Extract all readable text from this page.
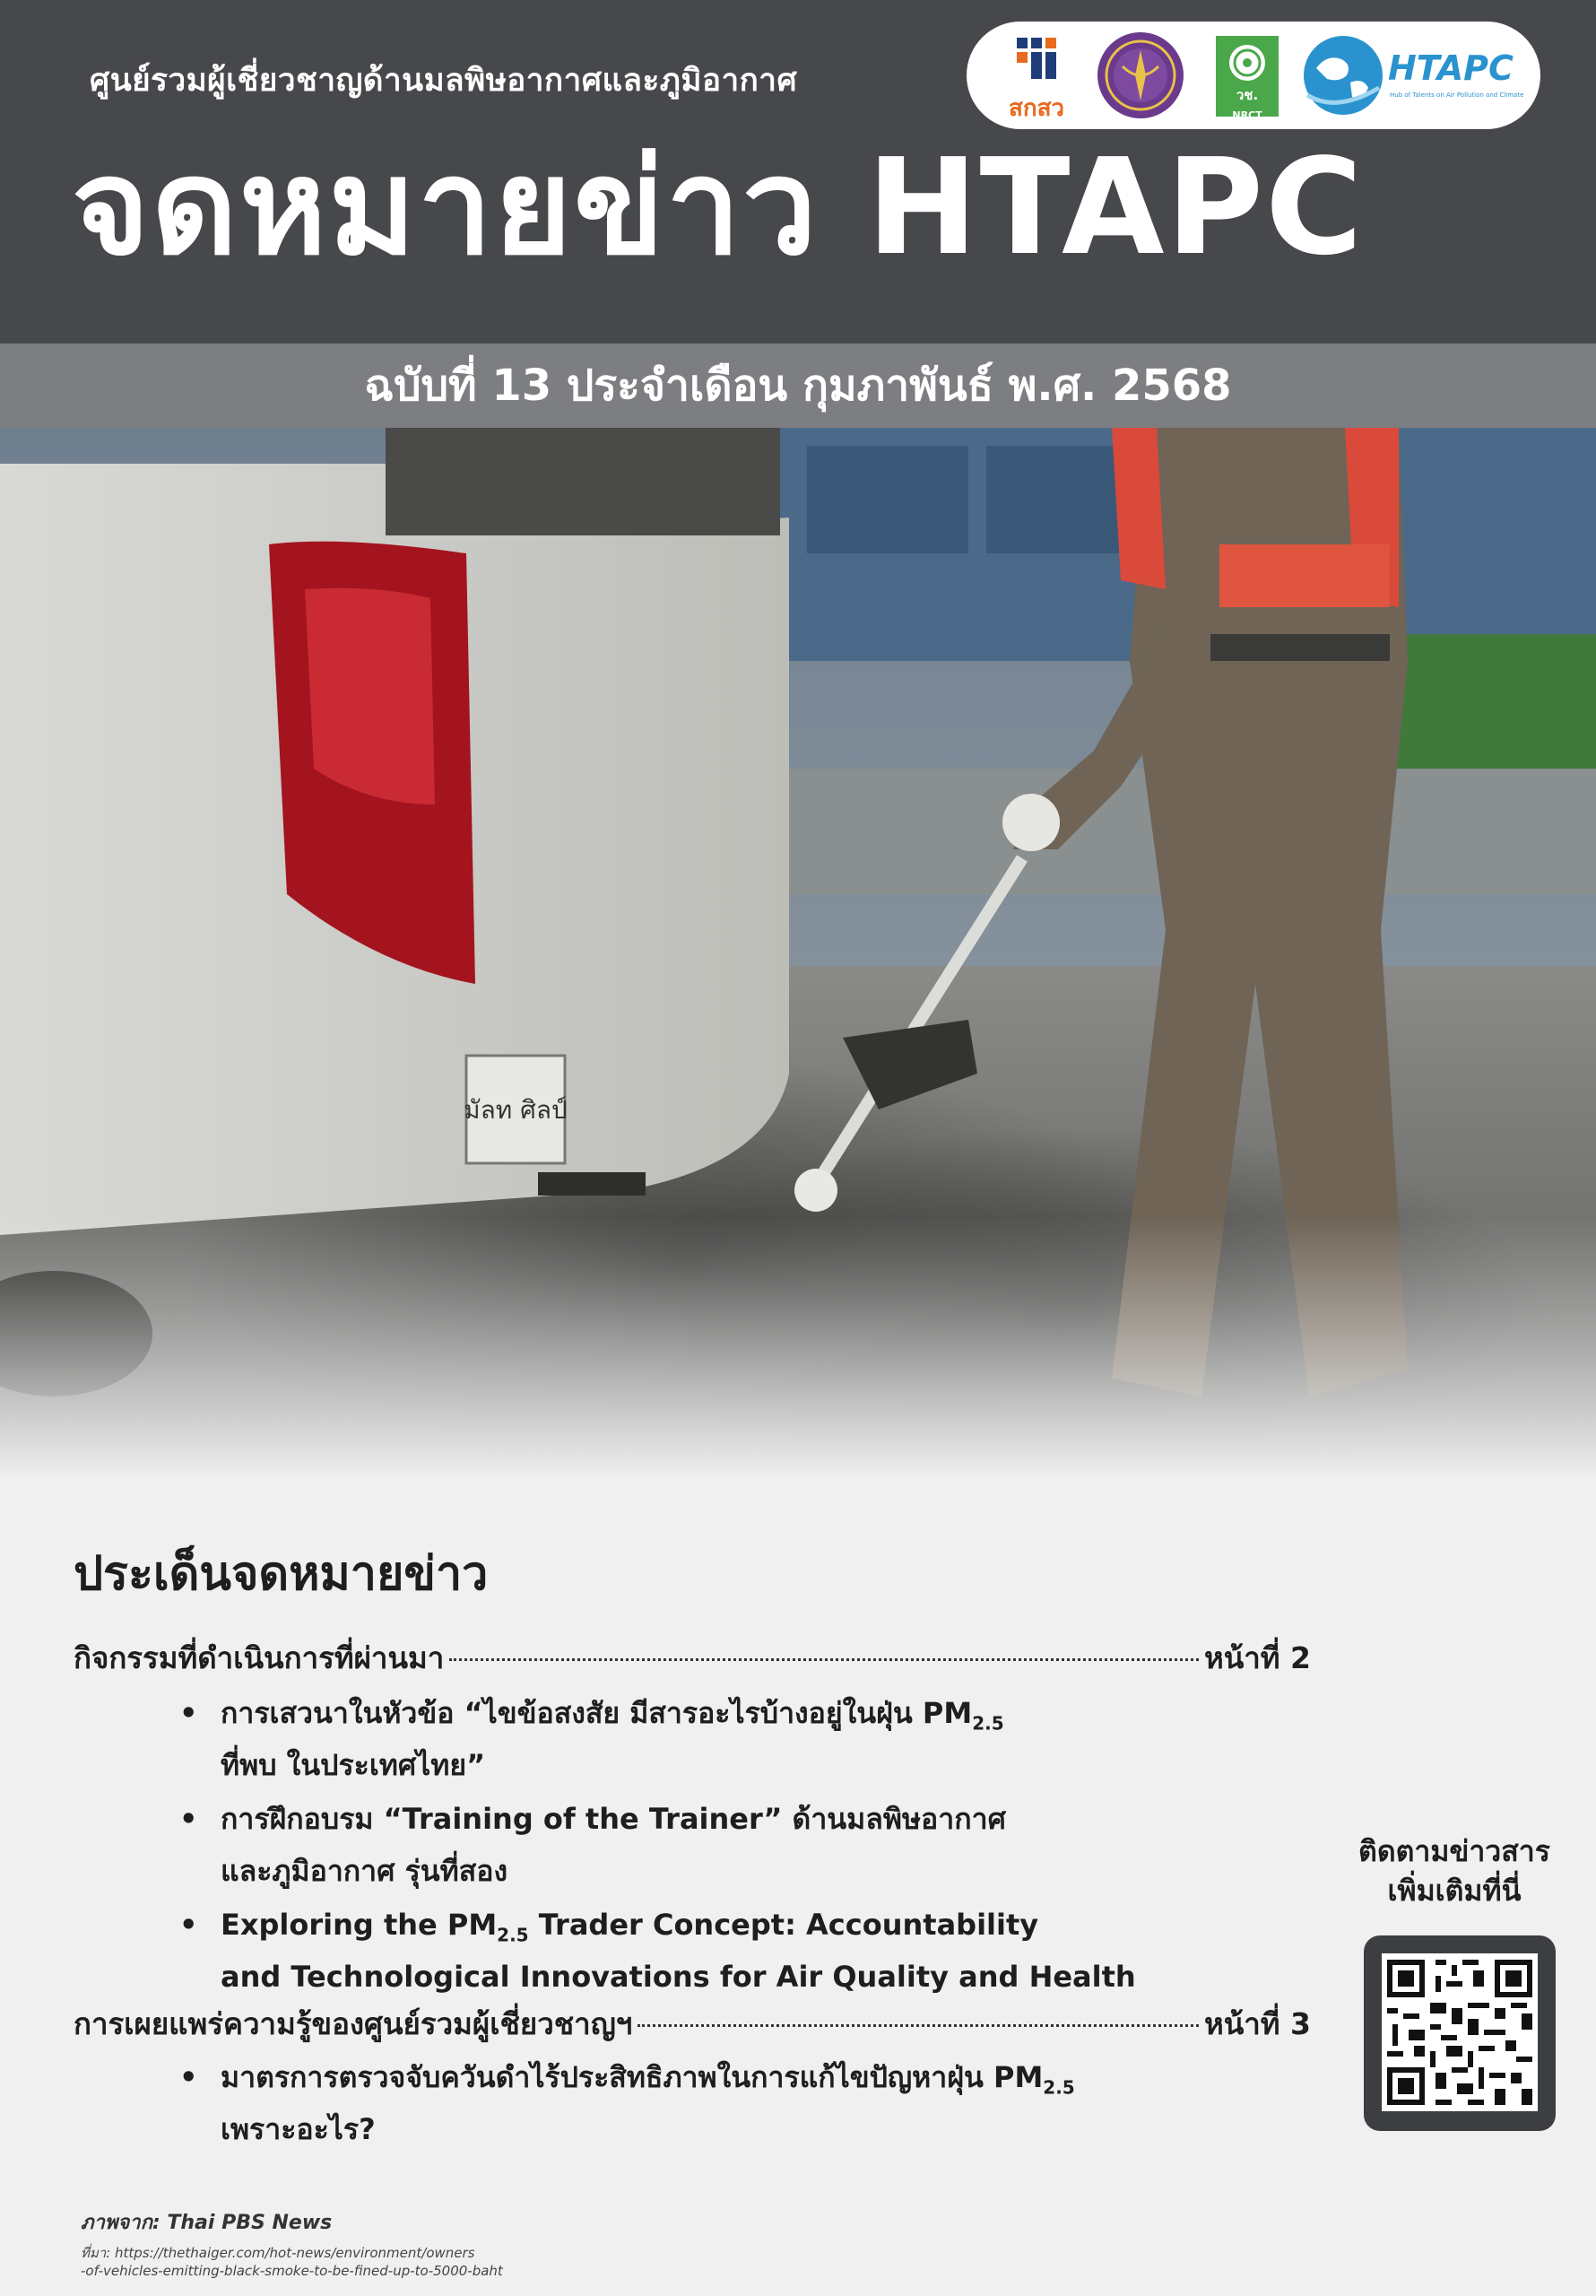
ศูนย์รวมผู้เชี่ยวชาญด้านมลพิษอากาศและภูมิอากาศ
สกสว	วช.
NRCT
HTAPC
Hub of Talents on Air Pollution and Climate
จดหมายข่าว HTAPC
ฉบับที่ 13 ประจำเดือน กุมภาพันธ์ พ.ศ. 2568
ประเด็นจดหมายข่าว
กิจกรรมที่ดำเนินการที่ผ่านมา	หน้าที่ 2
• การเสวนาในหัวข้อ “ไขข้อสงสัย มีสารอะไรบ้างอยู่ในฝุ่น $PM_{2.5}$
ที่พบ ในประเทศไทย”
• การฝึกอบรม “Training of the Trainer” ด้านมลพิษอากาศ
และภูมิอากาศ รุ่นที่สอง
• Exploring the $PM_{2.5}$ Trader Concept: Accountability
and Technological Innovations for Air Quality and Health
การเผยแพร่ความรู้ของศูนย์รวมผู้เชี่ยวชาญฯ	หน้าที่ 3
• มาตรการตรวจจับควันดำไร้ประสิทธิภาพในการแก้ไขปัญหาฝุ่น $PM_{2.5}$
เพราะอะไร?
ติดตามข่าวสาร
เพิ่มเติมที่นี่
ภาพจาก: Thai PBS News
ที่มา: https://thethaiger.com/hot-news/environment/owners
-of-vehicles-emitting-black-smoke-to-be-fined-up-to-5000-baht
